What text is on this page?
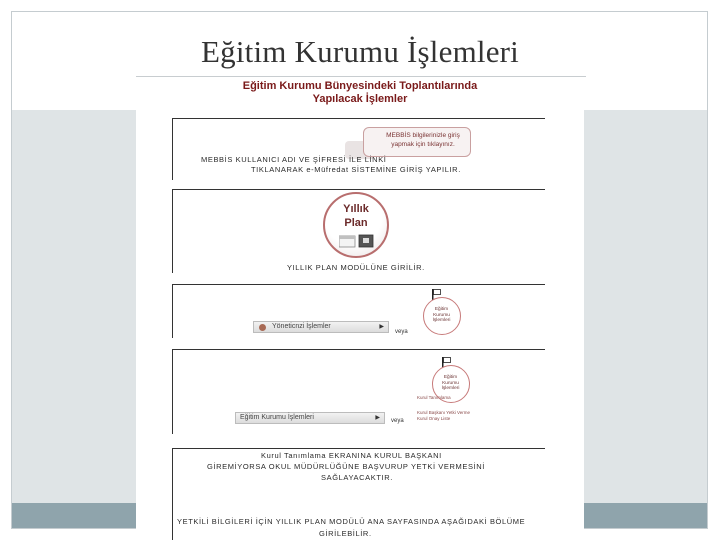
Eğitim Kurumu İşlemleri
Eğitim Kurumu Bünyesindeki Toplantılarında
Yapılacak İşlemler
MEBBİS bilgilerinizle giriş
yapmak için tıklayınız.
MEBBİS KULLANICI ADI VE ŞİFRESİ İLE LİNKİ
TIKLANARAK e-Müfredat SİSTEMİNE GİRİŞ YAPILIR.
Yıllık
Plan
YILLIK PLAN MODÜLÜNE GİRİLİR.
Eğitim
Kurumu
İşlemleri
Yöneticnzi İşlemler	▶
veya
Eğitim
Kurumu
İşlemleri
Kurul Tanımlama
Kurul Başkanı Yetki Verme
Kurul Onay Liste
Eğitim Kurumu İşlemleri	▶ veya
Kurul Tanımlama EKRANINA KURUL BAŞKANI
GİREMİYORSA OKUL MÜDÜRLÜĞÜNE BAŞVURUP YETKİ VERMESİNİ
SAĞLAYACAKTIR.
YETKİLİ BİLGİLERİ İÇİN YILLIK PLAN MODÜLÜ ANA SAYFASINDA AŞAĞIDAKİ BÖLÜME
GİRİLEBİLİR.
